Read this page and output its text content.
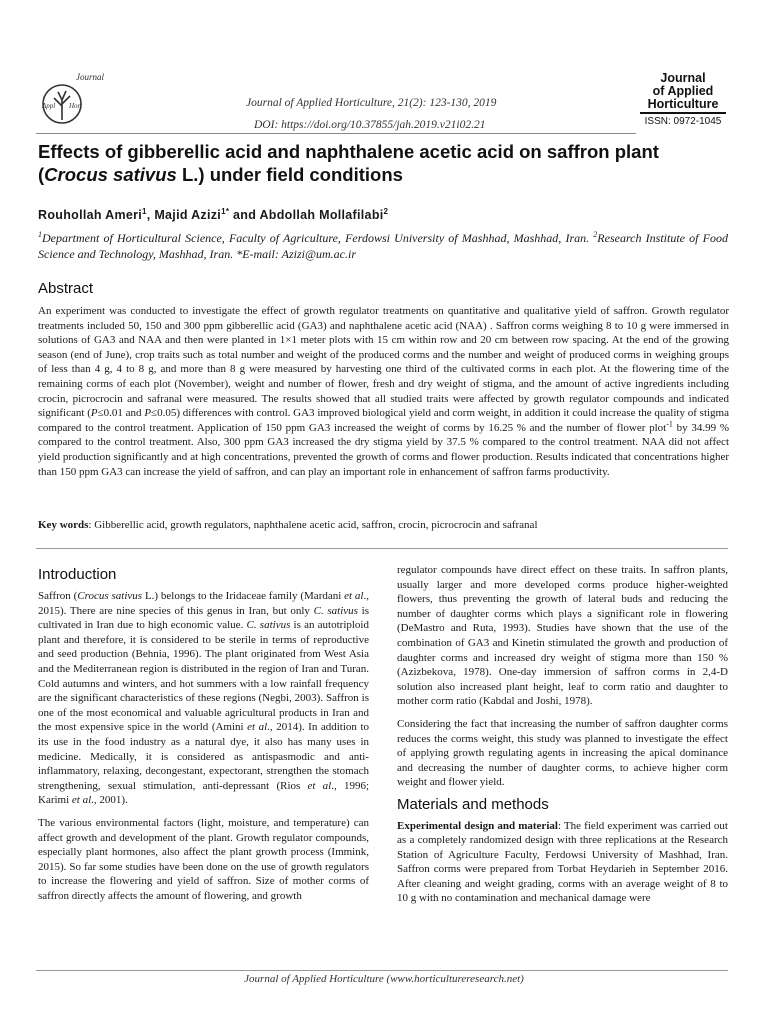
Journal
Appl Hort	Journal of Applied Horticulture, 21(2): 123-130, 2019
DOI: https://doi.org/10.37855/jah.2019.v21i02.21
Journal
of Applied
Horticulture
ISSN: 0972-1045
Effects of gibberellic acid and naphthalene acetic acid on saffron plant (Crocus sativus L.) under field conditions
Rouhollah Ameri$^1$, Majid Azizi$^{1*}$ and Abdollah Mollafilabi$^2$
$^1$Department of Horticultural Science, Faculty of Agriculture, Ferdowsi University of Mashhad, Mashhad, Iran. $^2$Research Institute of Food Science and Technology, Mashhad, Iran. *E-mail: Azizi@um.ac.ir
Abstract
An experiment was conducted to investigate the effect of growth regulator treatments on quantitative and qualitative yield of saffron. Growth regulator treatments included 50, 150 and 300 ppm gibberellic acid (GA3) and naphthalene acetic acid (NAA) . Saffron corms weighing 8 to 10 g were immersed in solutions of GA3 and NAA and then were planted in 1×1 meter plots with 15 cm within row and 20 cm between row spacing. At the end of the growing season (end of June), crop traits such as total number and weight of the produced corms and the number and weight of produced corms in weighing groups of less than 4 g, 4 to 8 g, and more than 8 g were measured by harvesting one third of the cultivated corms in each plot. At the flowering time of the remaining corms of each plot (November), weight and number of flower, fresh and dry weight of stigma, and the amount of active ingredients including crocin, picrocrocin and safranal were measured. The results showed that all studied traits were affected by growth regulator compounds and indicated significant (P≤0.01 and P≤0.05) differences with control. GA3 improved biological yield and corm weight, in addition it could increase the quality of stigma compared to the control treatment. Application of 150 ppm GA3 increased the weight of corms by 16.25 % and the number of flower plot$^{-1}$ by 34.99 % compared to the control treatment. Also, 300 ppm GA3 increased the dry stigma yield by 37.5 % compared to the control treatment. NAA did not affect yield production significantly and at high concentrations, prevented the growth of corms and flower production. Results indicated that concentrations higher than 150 ppm GA3 can increase the yield of saffron, and can play an important role in enhancement of saffron farms productivity.
Key words: Gibberellic acid, growth regulators, naphthalene acetic acid, saffron, crocin, picrocrocin and safranal
Introduction

Saffron (Crocus sativus L.) belongs to the Iridaceae family (Mardani et al., 2015). There are nine species of this genus in Iran, but only C. sativus is cultivated in Iran due to high economic value. C. sativus is an autotriploid plant and therefore, it is considered to be sterile in terms of reproductive and seed production (Behnia, 1996). The plant originated from West Asia and the Mediterranean region is distributed in the region of Iran and Turan. Cold autumns and winters, and hot summers with a low rainfall frequency are the significant characteristics of these regions (Negbi, 2003). Saffron is one of the most economical and valuable agricultural products in Iran and the most expensive spice in the world (Amini et al., 2014). In addition to its use in the food industry as a natural dye, it also has many uses in medicine. Medically, it is considered as antispasmodic and anti-inflammatory, relaxing, decongestant, expectorant, strengthen the stomach strengthening, sexual stimulation, anti-depressant (Rios et al., 1996; Karimi et al., 2001).

The various environmental factors (light, moisture, and temperature) can affect growth and development of the plant. Growth regulator compounds, especially plant hormones, also affect the plant growth process (Immink, 2015). So far some studies have been done on the use of growth regulators to increase the flowering and yield of saffron. Size of mother corms of saffron directly affects the amount of flowering, and growth

regulator compounds have direct effect on these traits. In saffron plants, usually larger and more developed corms produce higher-weighted flowers, thus preventing the growth of lateral buds and reducing the number of daughter corms which plays a significant role in flowering (DeMastro and Ruta, 1993). Studies have shown that the use of the combination of GA3 and Kinetin stimulated the growth and production of daughter corms and increased dry weight of stigma more than 150 % (Azizbekova, 1978). One-day immersion of saffron corms in 2,4-D solution also increased plant height, leaf to corm ratio and daughter to mother corm ratio (Kabdal and Joshi, 1978).

Considering the fact that increasing the number of saffron daughter corms reduces the corms weight, this study was planned to investigate the effect of applying growth regulating agents in increasing the apical dominance and decreasing the number of daughter corms, to achieve higher corm weight and flower yield.

Materials and methods

Experimental design and material: The field experiment was carried out as a completely randomized design with three replications at the Research Station of Agriculture Faculty, Ferdowsi University of Mashhad, Iran. Saffron corms were prepared from Torbat Heydarieh in September 2016. After cleaning and weight grading, corms with an average weight of 8 to 10 g with no contamination and mechanical damage were

Journal of Applied Horticulture (www.horticultureresearch.net)
